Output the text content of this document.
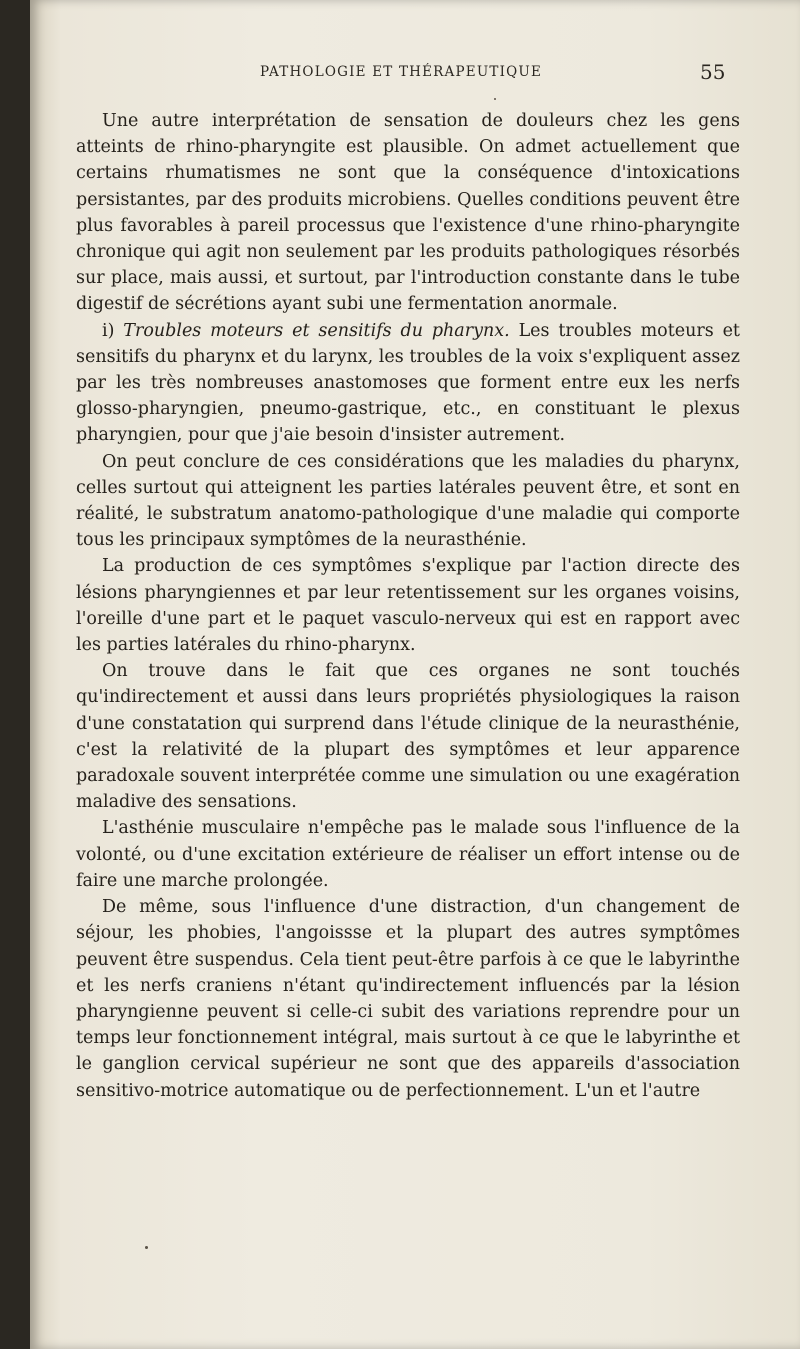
PATHOLOGIE ET THÉRAPEUTIQUE	55

Une autre interprétation de sensation de douleurs chez les gens atteints de rhino-pharyngite est plausible. On admet actuellement que certains rhumatismes ne sont que la conséquence d'intoxications persistantes, par des produits microbiens. Quelles conditions peuvent être plus favorables à pareil processus que l'existence d'une rhino-pharyngite chronique qui agit non seulement par les produits pathologiques résorbés sur place, mais aussi, et surtout, par l'introduction constante dans le tube digestif de sécrétions ayant subi une fermentation anormale.

i) Troubles moteurs et sensitifs du pharynx. Les troubles moteurs et sensitifs du pharynx et du larynx, les troubles de la voix s'expliquent assez par les très nombreuses anastomoses que forment entre eux les nerfs glosso-pharyngien, pneumo-gastrique, etc., en constituant le plexus pharyngien, pour que j'aie besoin d'insister autrement.

On peut conclure de ces considérations que les maladies du pharynx, celles surtout qui atteignent les parties latérales peuvent être, et sont en réalité, le substratum anatomo-pathologique d'une maladie qui comporte tous les principaux symptômes de la neurasthénie.

La production de ces symptômes s'explique par l'action directe des lésions pharyngiennes et par leur retentissement sur les organes voisins, l'oreille d'une part et le paquet vasculo-nerveux qui est en rapport avec les parties latérales du rhino-pharynx.

On trouve dans le fait que ces organes ne sont touchés qu'indirectement et aussi dans leurs propriétés physiologiques la raison d'une constatation qui surprend dans l'étude clinique de la neurasthénie, c'est la relativité de la plupart des symptômes et leur apparence paradoxale souvent interprétée comme une simulation ou une exagération maladive des sensations.

L'asthénie musculaire n'empêche pas le malade sous l'influence de la volonté, ou d'une excitation extérieure de réaliser un effort intense ou de faire une marche prolongée.

De même, sous l'influence d'une distraction, d'un changement de séjour, les phobies, l'angoissse et la plupart des autres symptômes peuvent être suspendus. Cela tient peut-être parfois à ce que le labyrinthe et les nerfs craniens n'étant qu'indirectement influencés par la lésion pharyngienne peuvent si celle-ci subit des variations reprendre pour un temps leur fonctionnement intégral, mais surtout à ce que le labyrinthe et le ganglion cervical supérieur ne sont que des appareils d'association sensitivo-motrice automatique ou de perfectionnement. L'un et l'autre
